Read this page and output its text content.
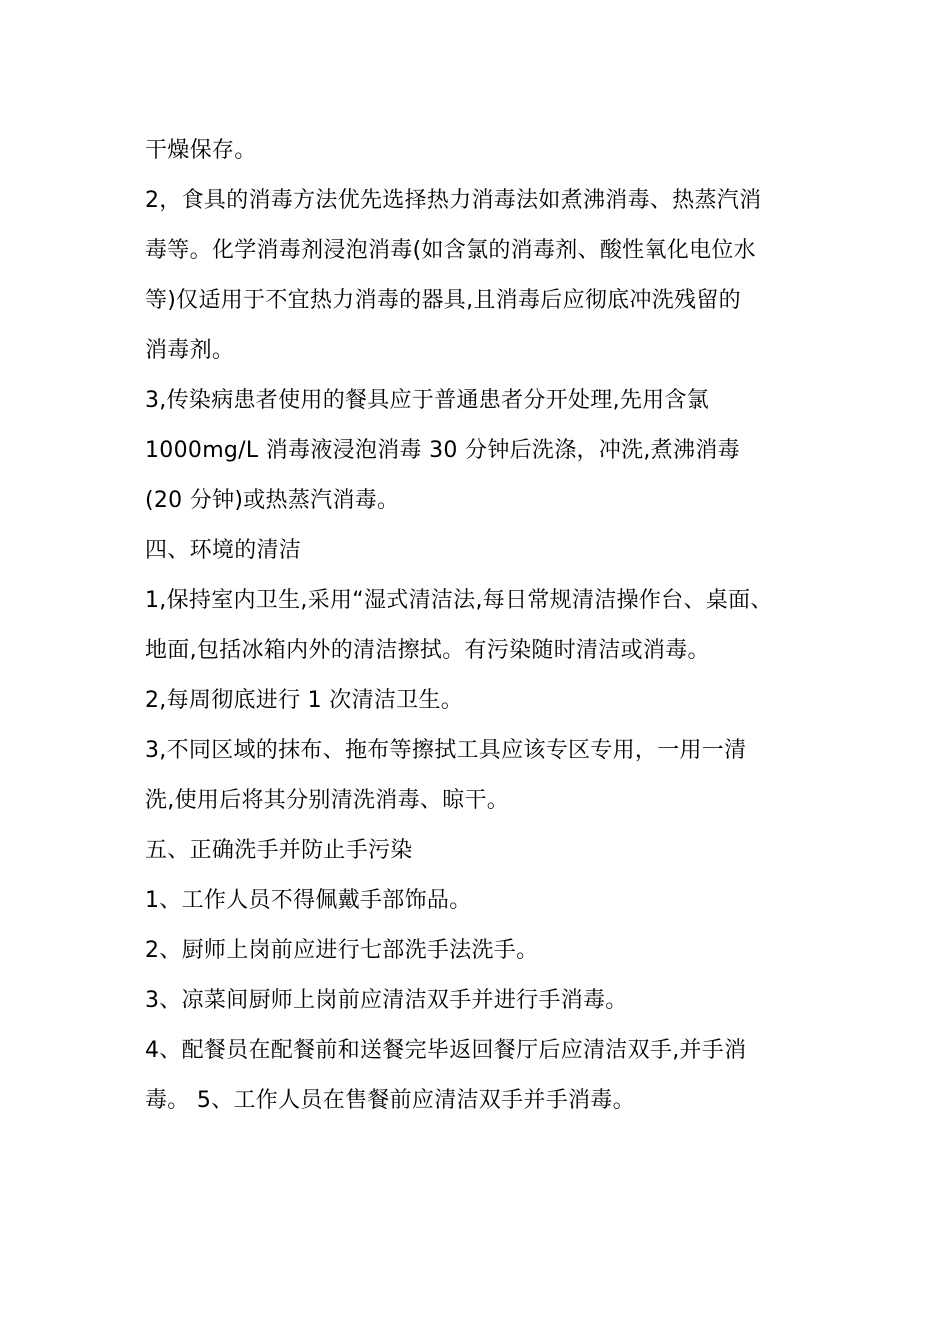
干燥保存。
2，食具的消毒方法优先选择热力消毒法如煮沸消毒、热蒸汽消
毒等。化学消毒剂浸泡消毒(如含氯的消毒剂、酸性氧化电位水
等)仅适用于不宜热力消毒的器具,且消毒后应彻底冲洗残留的
消毒剂。
3,传染病患者使用的餐具应于普通患者分开处理,先用含氯
1000mg/L 消毒液浸泡消毒 30 分钟后洗涤，冲洗,煮沸消毒
(20 分钟)或热蒸汽消毒。
四、环境的清洁
1,保持室内卫生,采用“湿式清洁法,每日常规清洁操作台、桌面、
地面,包括冰箱内外的清洁擦拭。有污染随时清洁或消毒。
2,每周彻底进行 1 次清洁卫生。
3,不同区域的抹布、拖布等擦拭工具应该专区专用，一用一清
洗,使用后将其分别清洗消毒、晾干。
五、正确洗手并防止手污染
1、工作人员不得佩戴手部饰品。
2、厨师上岗前应进行七部洗手法洗手。
3、凉菜间厨师上岗前应清洁双手并进行手消毒。
4、配餐员在配餐前和送餐完毕返回餐厅后应清洁双手,并手消
毒。 5、工作人员在售餐前应清洁双手并手消毒。
